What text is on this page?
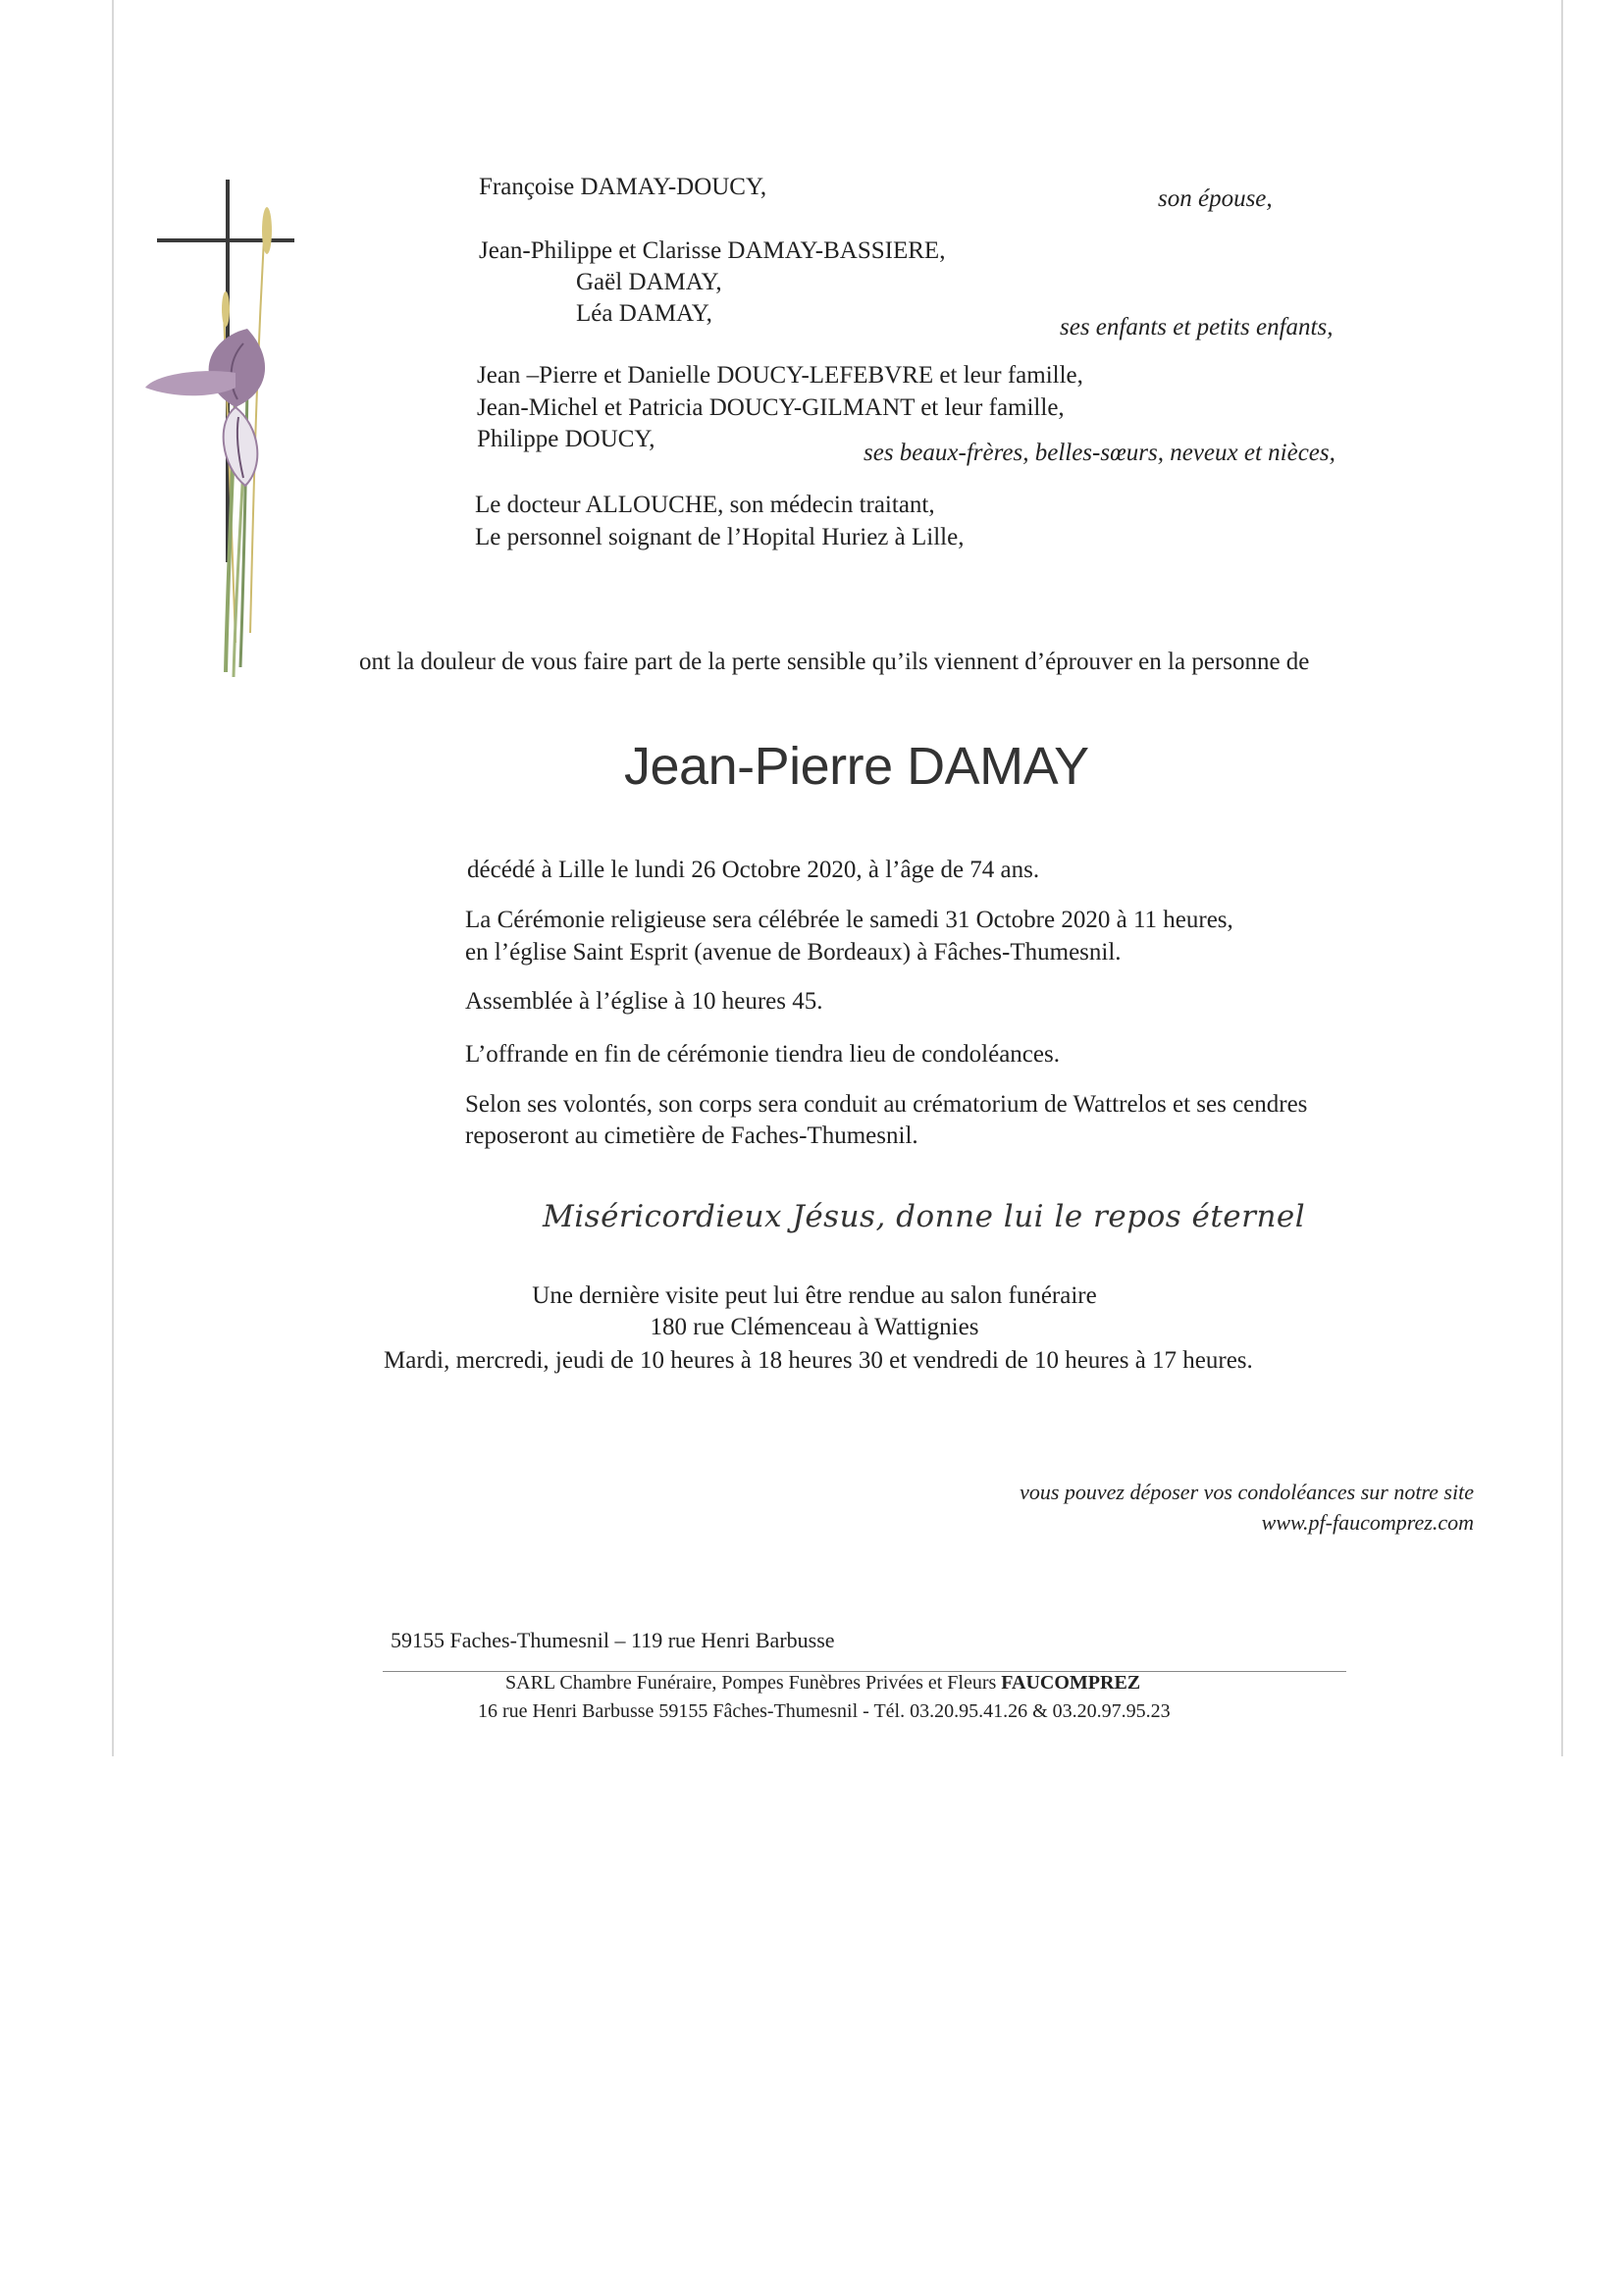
Françoise DAMAY-DOUCY,	son épouse,
Jean-Philippe et Clarisse DAMAY-BASSIERE,
Gaël DAMAY,
Léa DAMAY,
ses enfants et petits enfants,
Jean –Pierre et Danielle DOUCY-LEFEBVRE et leur famille,
Jean-Michel et Patricia DOUCY-GILMANT et leur famille,
Philippe DOUCY,
ses beaux-frères, belles-sœurs, neveux et nièces,
Le docteur ALLOUCHE, son médecin traitant,
Le personnel soignant de l’Hopital Huriez à Lille,
ont la douleur de vous faire part de la perte sensible qu’ils viennent d’éprouver en la personne de
Jean-Pierre DAMAY
décédé à Lille le lundi 26 Octobre 2020, à l’âge de 74 ans.
La Cérémonie religieuse sera célébrée le samedi 31 Octobre 2020 à 11 heures,
en l’église Saint Esprit (avenue de Bordeaux) à Fâches-Thumesnil.
Assemblée à l’église à 10 heures 45.
L’offrande en fin de cérémonie tiendra lieu de condoléances.
Selon ses volontés, son corps sera conduit au crématorium de Wattrelos et ses cendres
reposeront au cimetière de Faches-Thumesnil.
Miséricordieux Jésus, donne lui le repos éternel
Une dernière visite peut lui être rendue au salon funéraire
180 rue Clémenceau à Wattignies
Mardi, mercredi, jeudi de 10 heures à 18 heures 30 et vendredi de 10 heures à 17 heures.
vous pouvez déposer vos condoléances sur notre site
www.pf-faucomprez.com
59155 Faches-Thumesnil – 119 rue Henri Barbusse
SARL Chambre Funéraire, Pompes Funèbres Privées et Fleurs FAUCOMPREZ
16 rue Henri Barbusse 59155 Fâches-Thumesnil - Tél. 03.20.95.41.26 & 03.20.97.95.23
